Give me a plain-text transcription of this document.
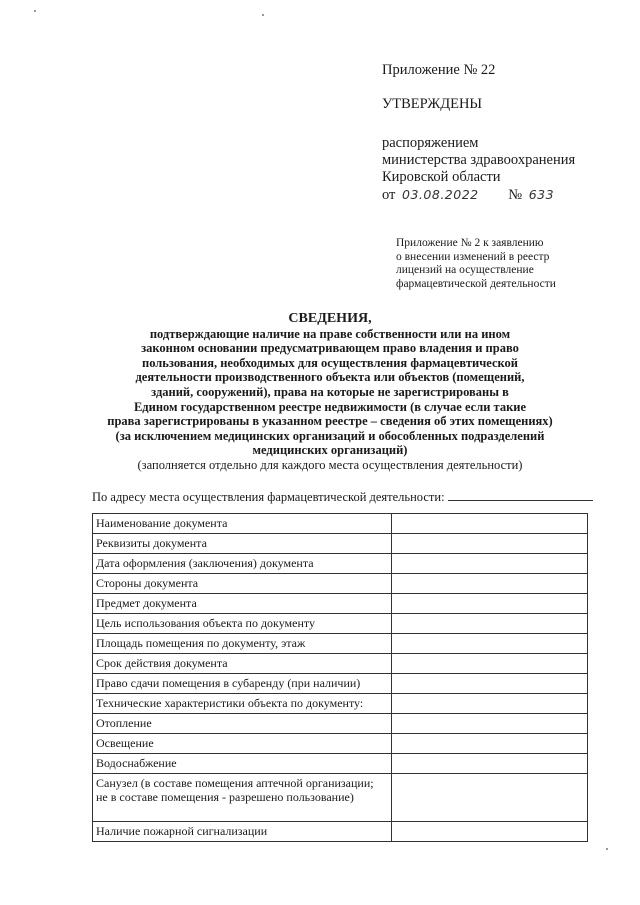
Приложение № 22
УТВЕРЖДЕНЫ
распоряжением
министерства здравоохранения
Кировской области
от 03.08.2022 № 633
Приложение № 2 к заявлению
о внесении изменений в реестр
лицензий на осуществление
фармацевтической деятельности
СВЕДЕНИЯ,
подтверждающие наличие на праве собственности или на ином
законном основании предусматривающем право владения и право
пользования, необходимых для осуществления фармацевтической
деятельности производственного объекта или объектов (помещений,
зданий, сооружений), права на которые не зарегистрированы в
Едином государственном реестре недвижимости (в случае если такие
права зарегистрированы в указанном реестре – сведения об этих помещениях)
(за исключением медицинских организаций и обособленных подразделений
медицинских организаций)
(заполняется отдельно для каждого места осуществления деятельности)
По адресу места осуществления фармацевтической деятельности:
Наименование документа	
Реквизиты документа	
Дата оформления (заключения) документа	
Стороны документа	
Предмет документа	
Цель использования объекта по документу	
Площадь помещения по документу, этаж	
Срок действия документа	
Право сдачи помещения в субаренду (при наличии)	
Технические характеристики объекта по документу:	
Отопление	
Освещение	
Водоснабжение	
Санузел (в составе помещения аптечной организации; не в составе помещения - разрешено пользование)	
Наличие пожарной сигнализации	
